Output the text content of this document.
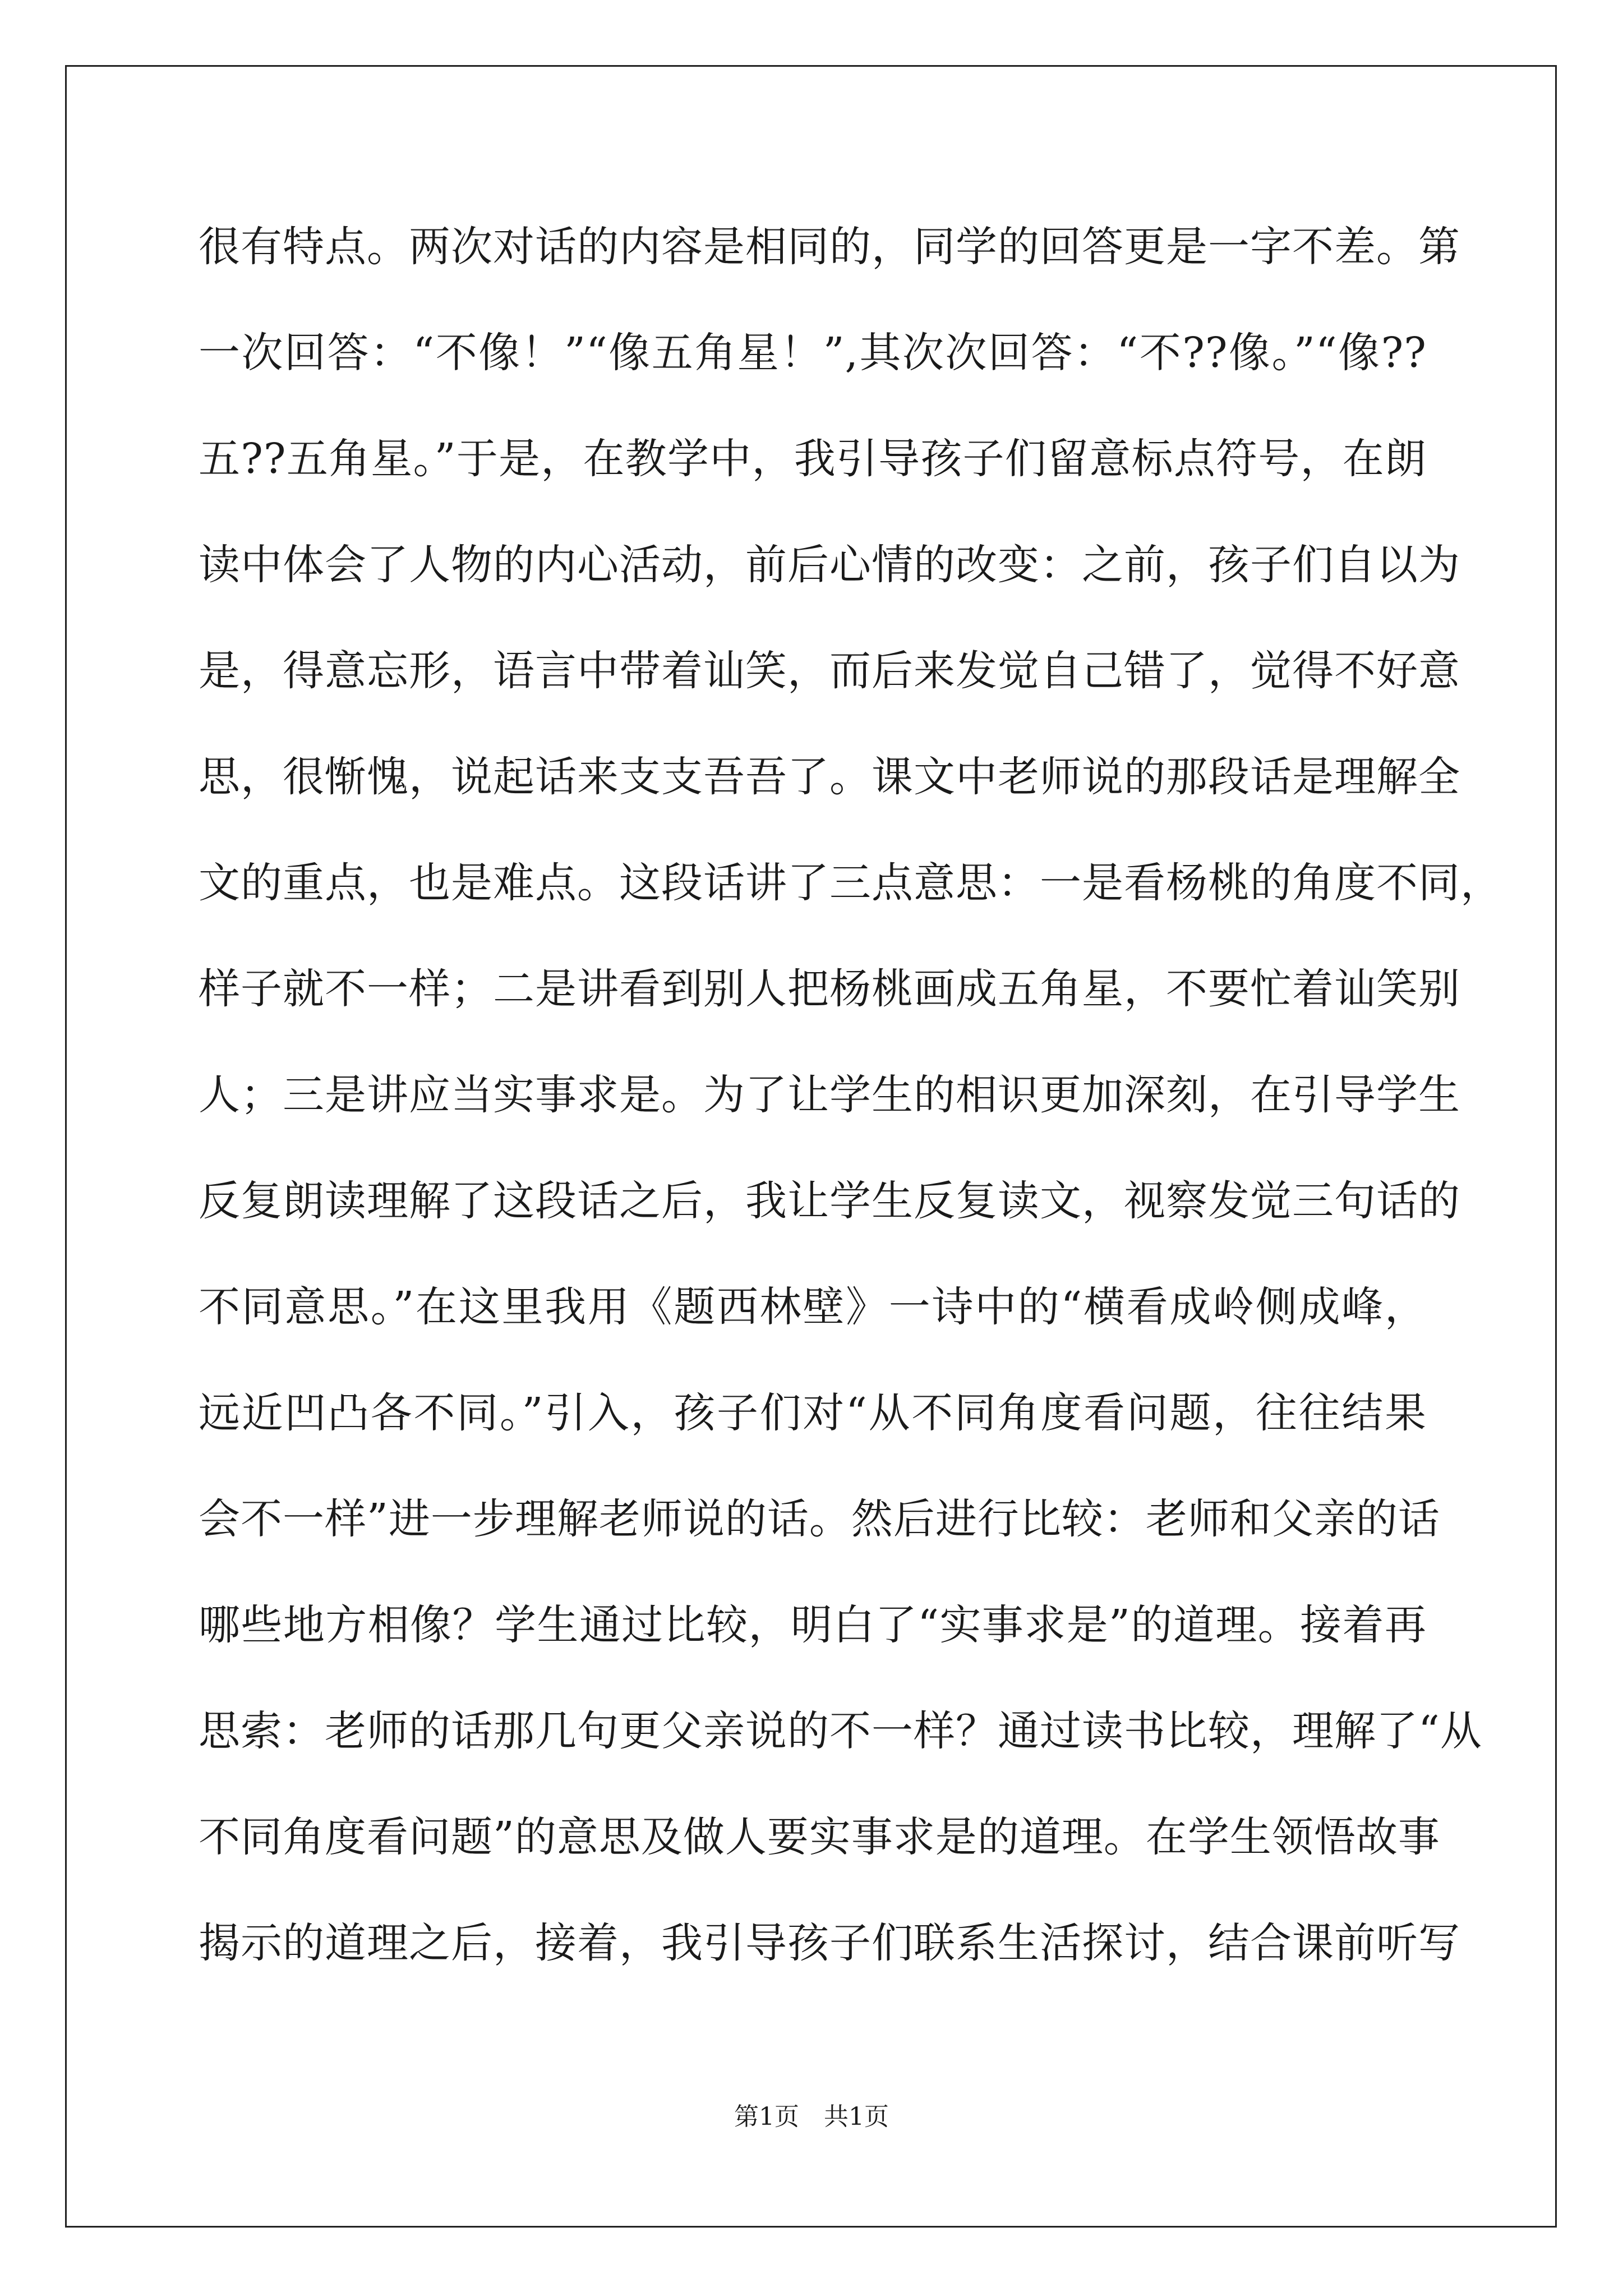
很有特点。两次对话的内容是相同的，同学的回答更是一字不差。第
一次回答：“不像！”“像五角星！”,其次次回答：“不??像。”“像??
五??五角星。”于是，在教学中，我引导孩子们留意标点符号，在朗
读中体会了人物的内心活动，前后心情的改变：之前，孩子们自以为
是，得意忘形，语言中带着讪笑，而后来发觉自己错了，觉得不好意
思，很惭愧，说起话来支支吾吾了。课文中老师说的那段话是理解全
文的重点，也是难点。这段话讲了三点意思：一是看杨桃的角度不同，
样子就不一样；二是讲看到别人把杨桃画成五角星，不要忙着讪笑别
人；三是讲应当实事求是。为了让学生的相识更加深刻，在引导学生
反复朗读理解了这段话之后，我让学生反复读文，视察发觉三句话的
不同意思。”在这里我用《题西林壁》一诗中的“横看成岭侧成峰，
远近凹凸各不同。”引入，孩子们对“从不同角度看问题，往往结果
会不一样”进一步理解老师说的话。然后进行比较：老师和父亲的话
哪些地方相像？学生通过比较，明白了“实事求是”的道理。接着再
思索：老师的话那几句更父亲说的不一样？通过读书比较，理解了“从
不同角度看问题”的意思及做人要实事求是的道理。在学生领悟故事
揭示的道理之后，接着，我引导孩子们联系生活探讨，结合课前听写
第1页 共1页
